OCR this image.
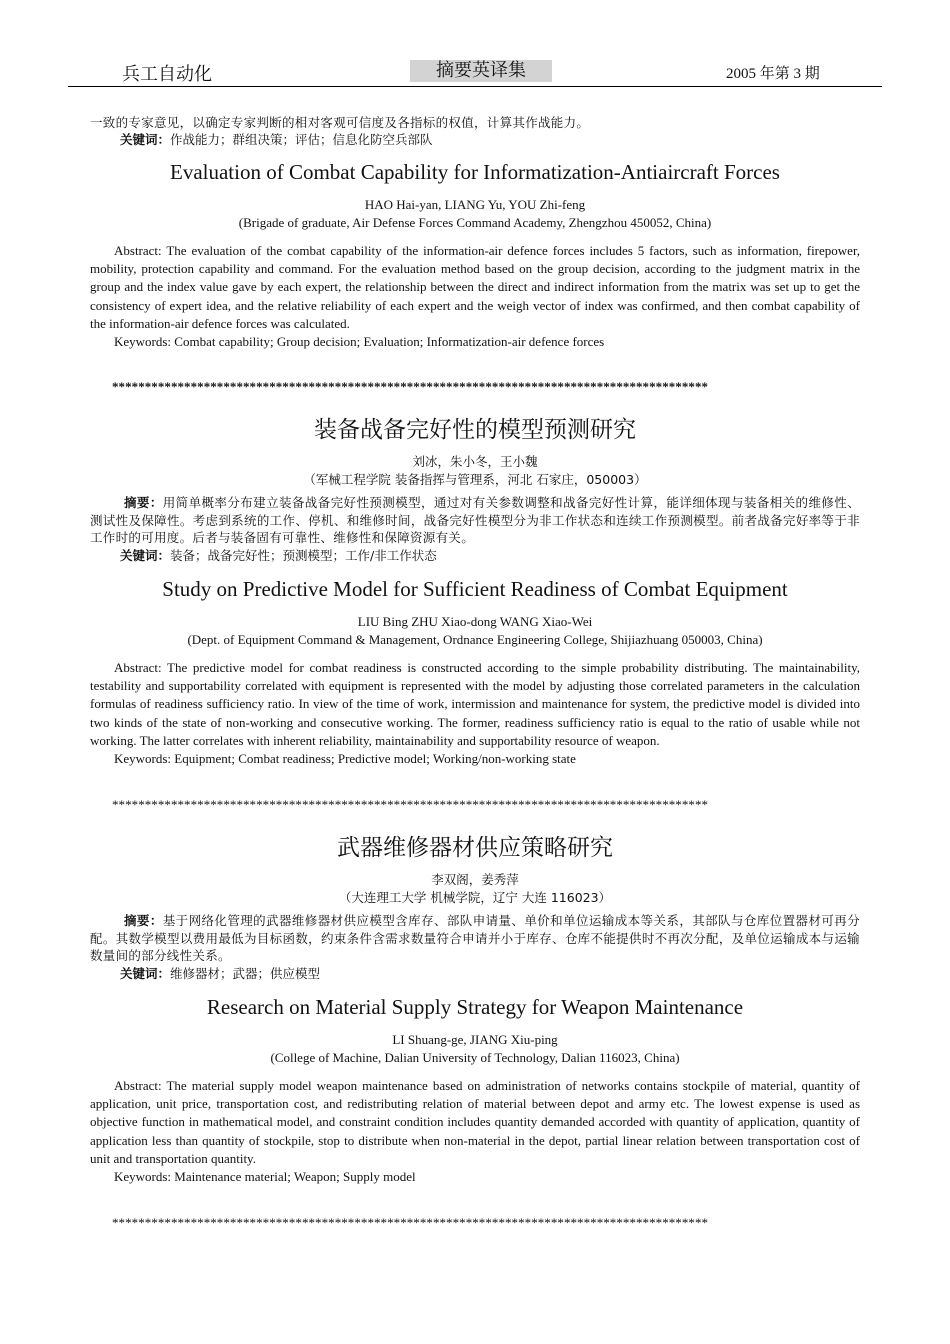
兵工自动化	摘要英译集	2005 年第 3 期
一致的专家意见，以确定专家判断的相对客观可信度及各指标的权值，计算其作战能力。
关键词：作战能力；群组决策；评估；信息化防空兵部队
Evaluation of Combat Capability for Informatization-Antiaircraft Forces
HAO Hai-yan, LIANG Yu, YOU Zhi-feng
(Brigade of graduate, Air Defense Forces Command Academy, Zhengzhou 450052, China)

Abstract: The evaluation of the combat capability of the information-air defence forces includes 5 factors, such as information, firepower, mobility, protection capability and command. For the evaluation method based on the group decision, according to the judgment matrix in the group and the index value gave by each expert, the relationship between the direct and indirect information from the matrix was set up to get the consistency of expert idea, and the relative reliability of each expert and the weigh vector of index was confirmed, and then combat capability of the information-air defence forces was calculated.

Keywords: Combat capability; Group decision; Evaluation; Informatization-air defence forces

*******************************************************************************************
装备战备完好性的模型预测研究
刘冰，朱小冬，王小魏
（军械工程学院 装备指挥与管理系，河北 石家庄，050003）
摘要：用简单概率分布建立装备战备完好性预测模型，通过对有关参数调整和战备完好性计算，能详细体现与装备相关的维修性、测试性及保障性。考虑到系统的工作、停机、和维修时间，战备完好性模型分为非工作状态和连续工作预测模型。前者战备完好率等于非工作时的可用度。后者与装备固有可靠性、维修性和保障资源有关。
关键词：装备；战备完好性；预测模型；工作/非工作状态
Study on Predictive Model for Sufficient Readiness of Combat Equipment
LIU Bing ZHU Xiao-dong WANG Xiao-Wei
(Dept. of Equipment Command & Management, Ordnance Engineering College, Shijiazhuang 050003, China)

Abstract: The predictive model for combat readiness is constructed according to the simple probability distributing. The maintainability, testability and supportability correlated with equipment is represented with the model by adjusting those correlated parameters in the calculation formulas of readiness sufficiency ratio. In view of the time of work, intermission and maintenance for system, the predictive model is divided into two kinds of the state of non-working and consecutive working. The former, readiness sufficiency ratio is equal to the ratio of usable while not working. The latter correlates with inherent reliability, maintainability and supportability resource of weapon.

Keywords: Equipment; Combat readiness; Predictive model; Working/non-working state

*******************************************************************************************
武器维修器材供应策略研究
李双阁，姜秀萍
（大连理工大学 机械学院，辽宁 大连 116023）
摘要：基于网络化管理的武器维修器材供应模型含库存、部队申请量、单价和单位运输成本等关系，其部队与仓库位置器材可再分配。其数学模型以费用最低为目标函数，约束条件含需求数量符合申请并小于库存、仓库不能提供时不再次分配，及单位运输成本与运输数量间的部分线性关系。
关键词：维修器材；武器；供应模型
Research on Material Supply Strategy for Weapon Maintenance
LI Shuang-ge, JIANG Xiu-ping
(College of Machine, Dalian University of Technology, Dalian 116023, China)

Abstract: The material supply model weapon maintenance based on administration of networks contains stockpile of material, quantity of application, unit price, transportation cost, and redistributing relation of material between depot and army etc. The lowest expense is used as objective function in mathematical model, and constraint condition includes quantity demanded accorded with quantity of application, quantity of application less than quantity of stockpile, stop to distribute when non-material in the depot, partial linear relation between transportation cost of unit and transportation quantity.

Keywords: Maintenance material; Weapon; Supply model

*******************************************************************************************
